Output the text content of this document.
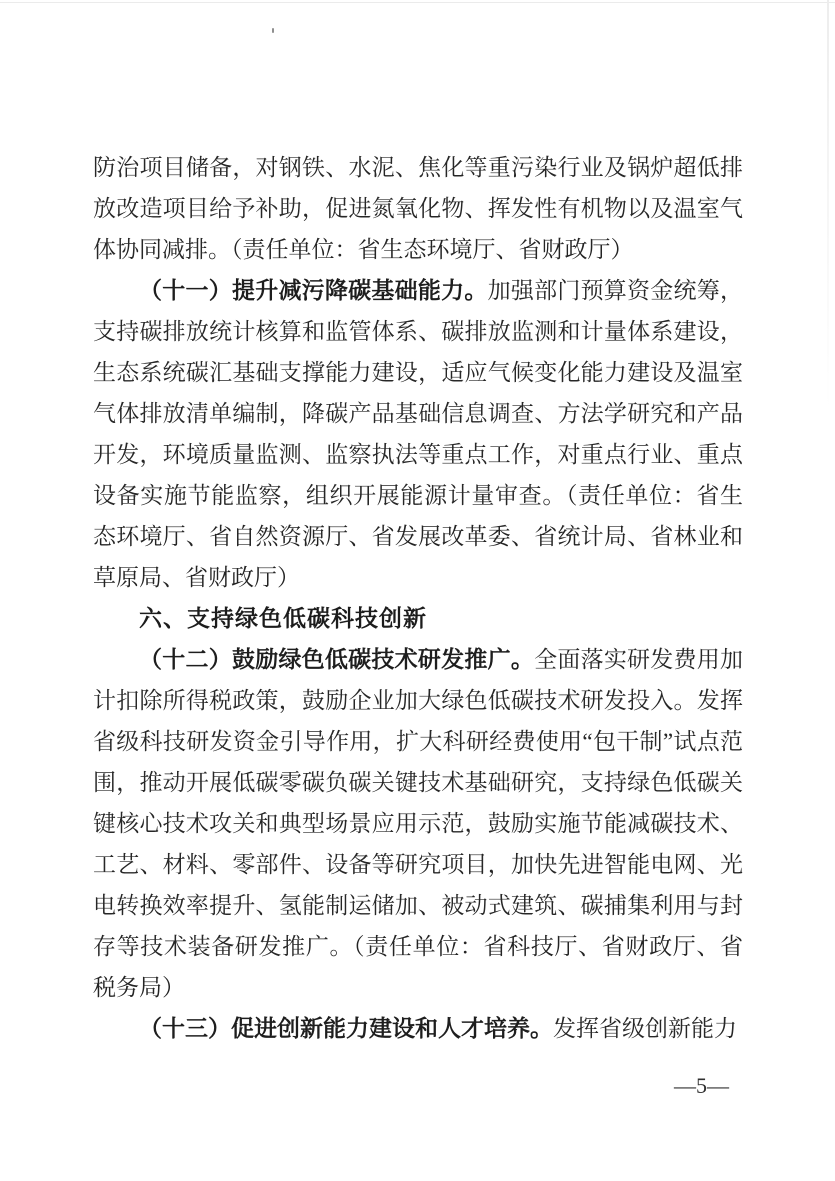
防治项目储备，对钢铁、水泥、焦化等重污染行业及锅炉超低排放改造项目给予补助，促进氮氧化物、挥发性有机物以及温室气体协同减排。（责任单位：省生态环境厅、省财政厅）

（十一）提升减污降碳基础能力。加强部门预算资金统筹，支持碳排放统计核算和监管体系、碳排放监测和计量体系建设，生态系统碳汇基础支撑能力建设，适应气候变化能力建设及温室气体排放清单编制，降碳产品基础信息调查、方法学研究和产品开发，环境质量监测、监察执法等重点工作，对重点行业、重点设备实施节能监察，组织开展能源计量审查。（责任单位：省生态环境厅、省自然资源厅、省发展改革委、省统计局、省林业和草原局、省财政厅）

六、支持绿色低碳科技创新

（十二）鼓励绿色低碳技术研发推广。全面落实研发费用加计扣除所得税政策，鼓励企业加大绿色低碳技术研发投入。发挥省级科技研发资金引导作用，扩大科研经费使用“包干制”试点范围，推动开展低碳零碳负碳关键技术基础研究，支持绿色低碳关键核心技术攻关和典型场景应用示范，鼓励实施节能减碳技术、工艺、材料、零部件、设备等研究项目，加快先进智能电网、光电转换效率提升、氢能制运储加、被动式建筑、碳捕集利用与封存等技术装备研发推广。（责任单位：省科技厅、省财政厅、省税务局）

（十三）促进创新能力建设和人才培养。发挥省级创新能力

—5—
